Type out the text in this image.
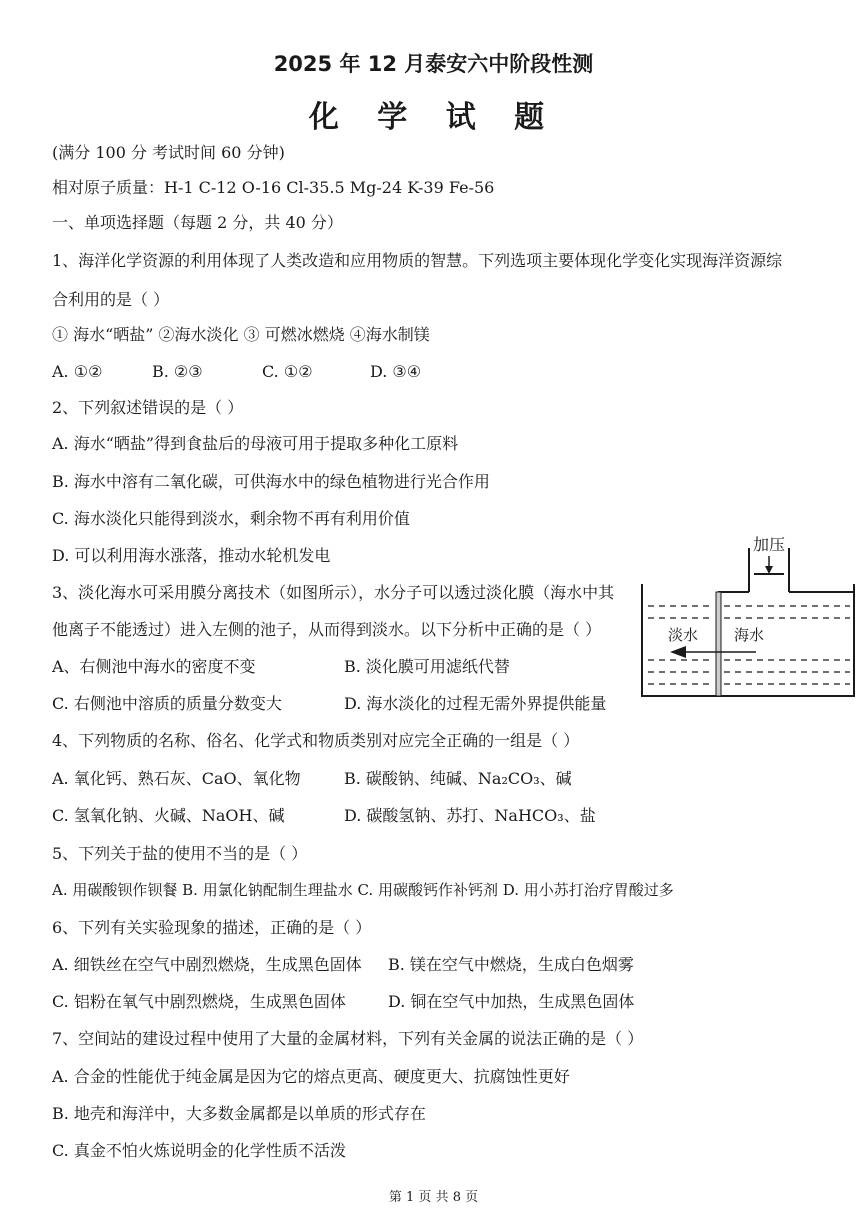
2025 年 12 月泰安六中阶段性测
化 学 试 题
(满分 100 分 考试时间 60 分钟)
相对原子质量：H-1 C-12 O-16 Cl-35.5 Mg-24 K-39 Fe-56
一、单项选择题（每题 2 分，共 40 分）
1、海洋化学资源的利用体现了人类改造和应用物质的智慧。下列选项主要体现化学变化实现海洋资源综
合利用的是（ ）
① 海水“晒盐” ②海水淡化 ③ 可燃冰燃烧 ④海水制镁
A. ①②	B. ②③	C. ①②	D. ③④
2、下列叙述错误的是（ ）
A. 海水“晒盐”得到食盐后的母液可用于提取多种化工原料
B. 海水中溶有二氧化碳，可供海水中的绿色植物进行光合作用
C. 海水淡化只能得到淡水，剩余物不再有利用价值
D. 可以利用海水涨落，推动水轮机发电
3、淡化海水可采用膜分离技术（如图所示），水分子可以透过淡化膜（海水中其
他离子不能透过）进入左侧的池子，从而得到淡水。以下分析中正确的是（ ）
A、右侧池中海水的密度不变	B. 淡化膜可用滤纸代替
C. 右侧池中溶质的质量分数变大	D. 海水淡化的过程无需外界提供能量
加压
淡水 海水
4、下列物质的名称、俗名、化学式和物质类别对应完全正确的一组是（ ）
A. 氧化钙、熟石灰、CaO、氧化物	B. 碳酸钠、纯碱、Na₂CO₃、碱
C. 氢氧化钠、火碱、NaOH、碱	D. 碳酸氢钠、苏打、NaHCO₃、盐
5、下列关于盐的使用不当的是（ ）
A. 用碳酸钡作钡餐 B. 用氯化钠配制生理盐水 C. 用碳酸钙作补钙剂 D. 用小苏打治疗胃酸过多
6、下列有关实验现象的描述，正确的是（ ）
A. 细铁丝在空气中剧烈燃烧，生成黑色固体 B. 镁在空气中燃烧，生成白色烟雾
C. 铝粉在氧气中剧烈燃烧，生成黑色固体	D. 铜在空气中加热，生成黑色固体
7、空间站的建设过程中使用了大量的金属材料，下列有关金属的说法正确的是（ ）
A. 合金的性能优于纯金属是因为它的熔点更高、硬度更大、抗腐蚀性更好
B. 地壳和海洋中，大多数金属都是以单质的形式存在
C. 真金不怕火炼说明金的化学性质不活泼
第 1 页 共 8 页
